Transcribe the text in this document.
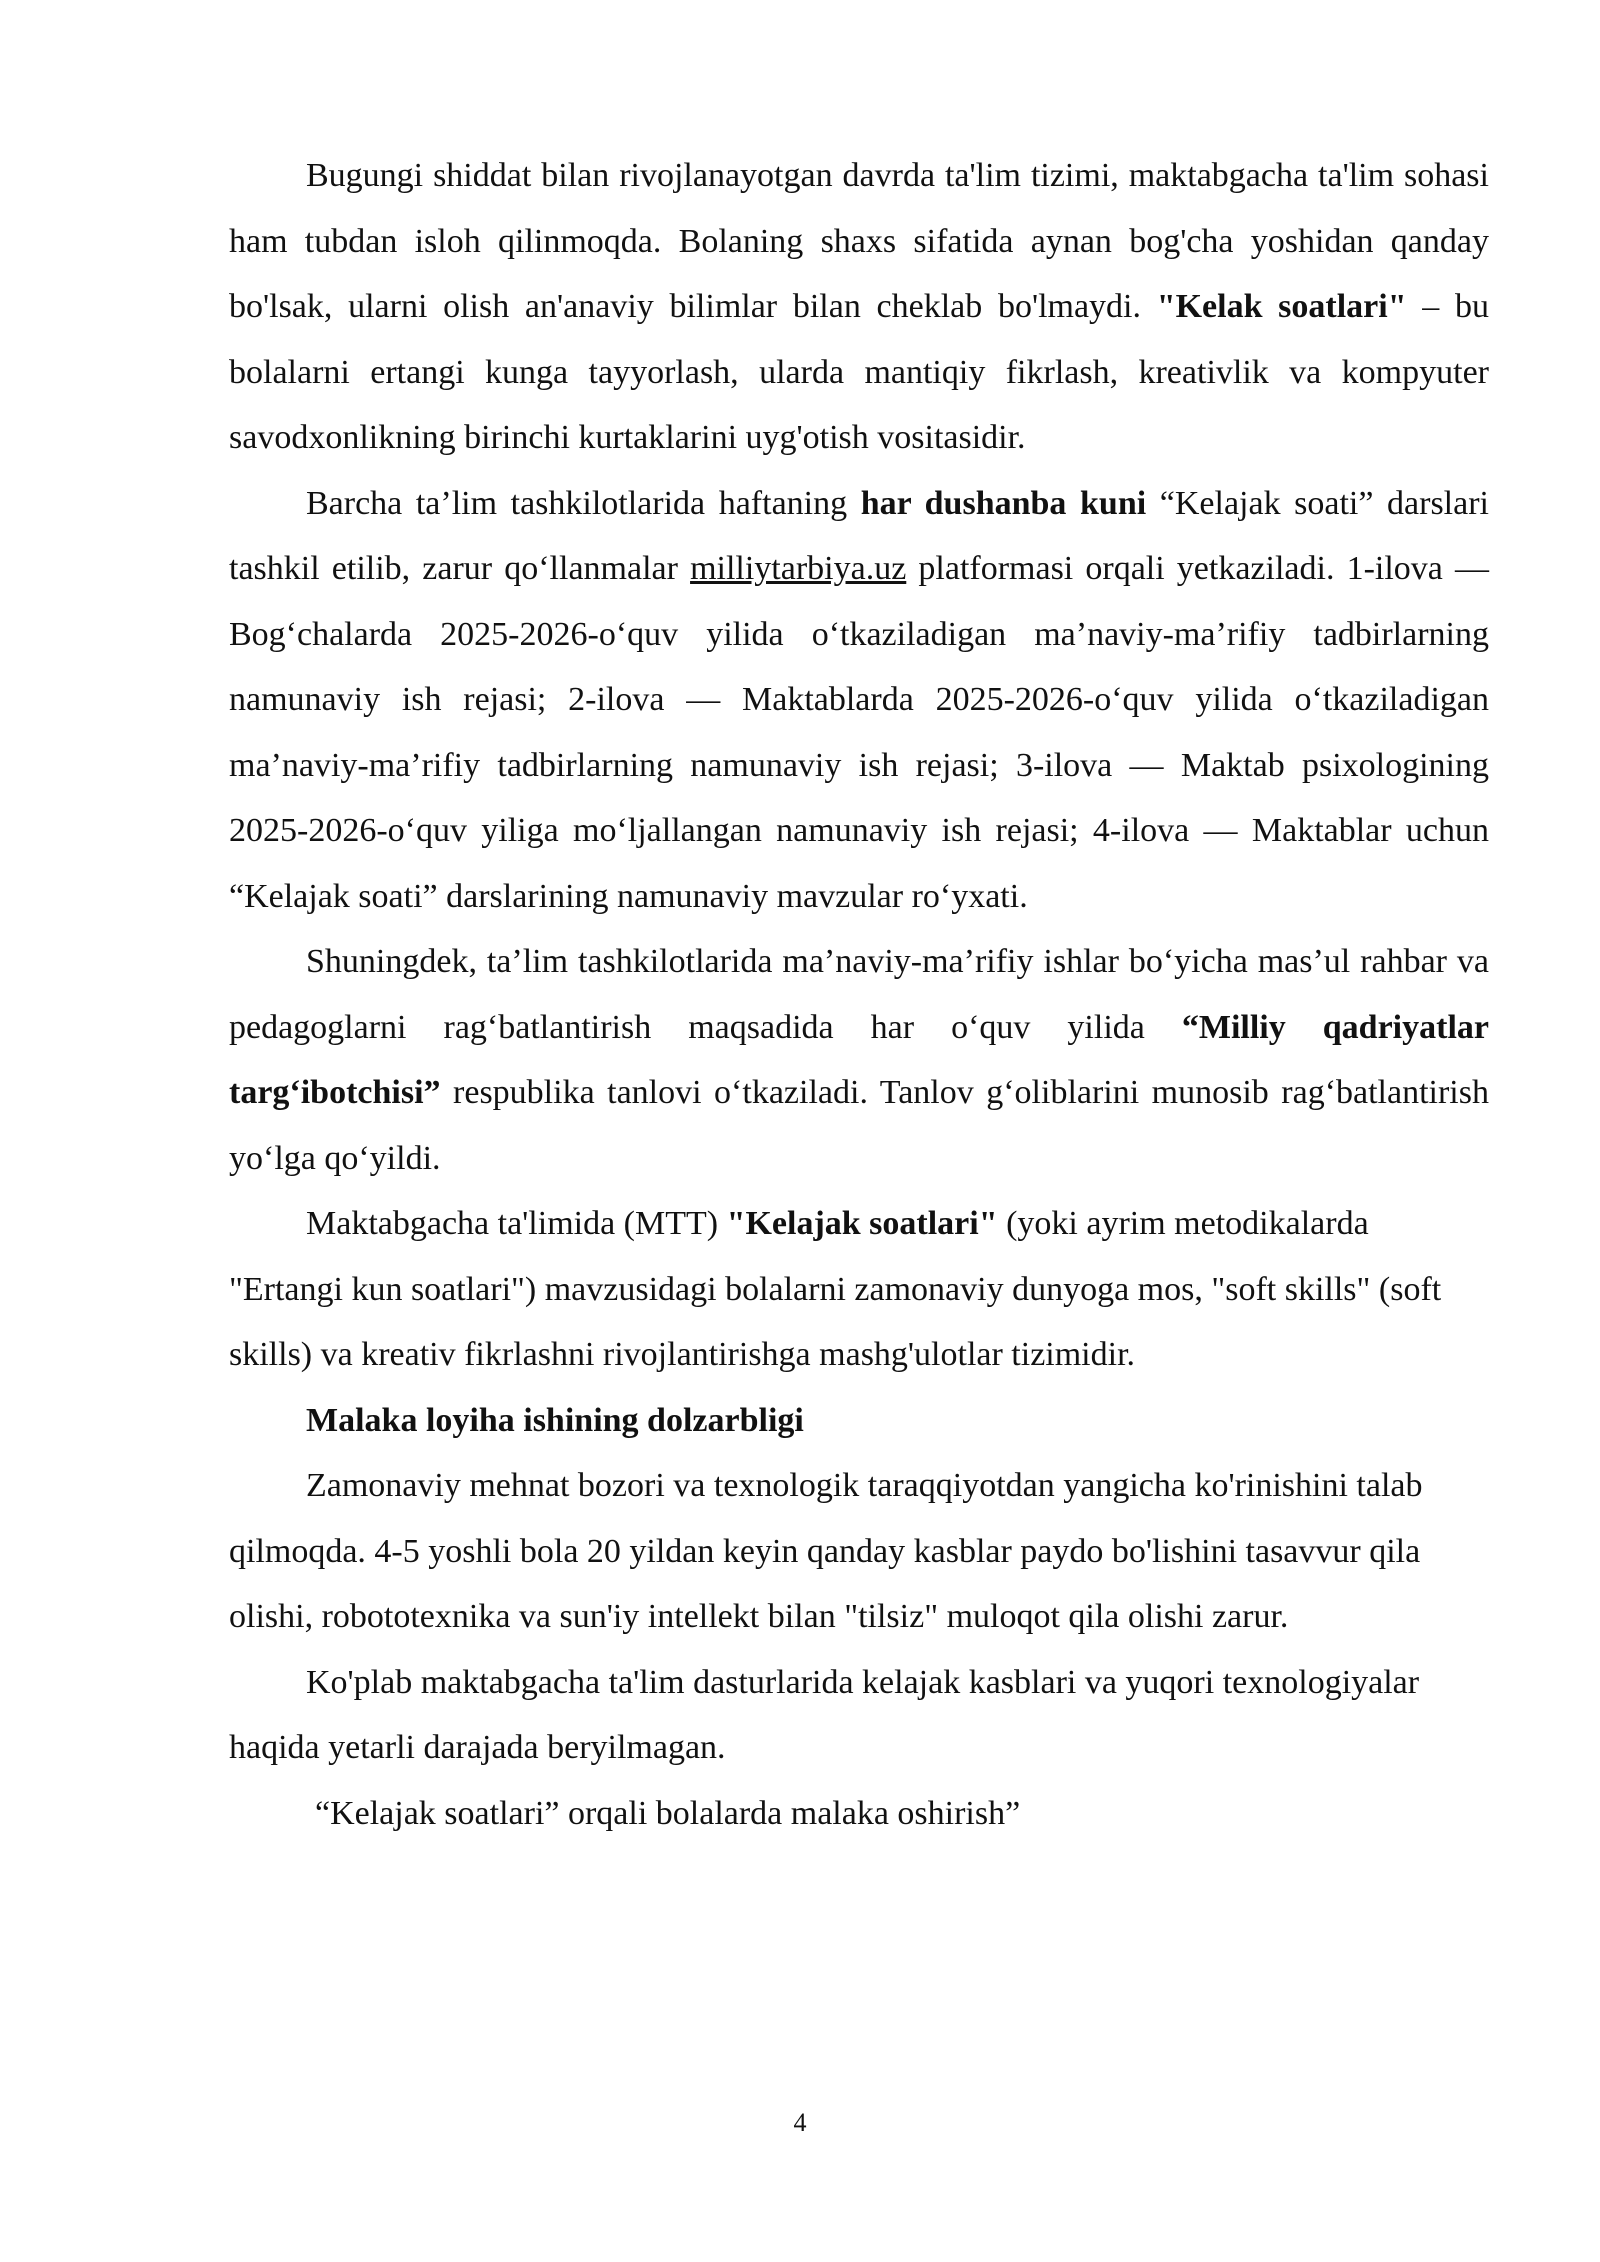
Bugungi shiddat bilan rivojlanayotgan davrda ta'lim tizimi, maktabgacha ta'lim sohasi ham tubdan isloh qilinmoqda. Bolaning shaxs sifatida aynan bog'cha yoshidan qanday bo'lsak, ularni olish an'anaviy bilimlar bilan cheklab bo'lmaydi. "Kelak soatlari" – bu bolalarni ertangi kunga tayyorlash, ularda mantiqiy fikrlash, kreativlik va kompyuter savodxonlikning birinchi kurtaklarini uyg'otish vositasidir.

Barcha ta’lim tashkilotlarida haftaning har dushanba kuni “Kelajak soati” darslari tashkil etilib, zarur qo‘llanmalar milliytarbiya.uz platformasi orqali yetkaziladi. 1-ilova — Bog‘chalarda 2025-2026-o‘quv yilida o‘tkaziladigan ma’naviy-ma’rifiy tadbirlarning namunaviy ish rejasi; 2-ilova — Maktablarda 2025-2026-o‘quv yilida o‘tkaziladigan ma’naviy-ma’rifiy tadbirlarning namunaviy ish rejasi; 3-ilova — Maktab psixologining 2025-2026-o‘quv yiliga mo‘ljallangan namunaviy ish rejasi; 4-ilova — Maktablar uchun “Kelajak soati” darslarining namunaviy mavzular ro‘yxati.

Shuningdek, ta’lim tashkilotlarida ma’naviy-ma’rifiy ishlar bo‘yicha mas’ul rahbar va pedagoglarni rag‘batlantirish maqsadida har o‘quv yilida “Milliy qadriyatlar targ‘ibotchisi” respublika tanlovi o‘tkaziladi. Tanlov g‘oliblarini munosib rag‘batlantirish yo‘lga qo‘yildi.

Maktabgacha ta'limida (MTT) "Kelajak soatlari" (yoki ayrim metodikalarda "Ertangi kun soatlari") mavzusidagi bolalarni zamonaviy dunyoga mos, "soft skills" (soft skills) va kreativ fikrlashni rivojlantirishga mashg'ulotlar tizimidir.

Malaka loyiha ishining dolzarbligi

Zamonaviy mehnat bozori va texnologik taraqqiyotdan yangicha ko'rinishini talab qilmoqda. 4-5 yoshli bola 20 yildan keyin qanday kasblar paydo bo'lishini tasavvur qila olishi, robototexnika va sun'iy intellekt bilan "tilsiz" muloqot qila olishi zarur.

Ko'plab maktabgacha ta'lim dasturlarida kelajak kasblari va yuqori texnologiyalar haqida yetarli darajada beryilmagan.

“Kelajak soatlari” orqali bolalarda malaka oshirish”

4
